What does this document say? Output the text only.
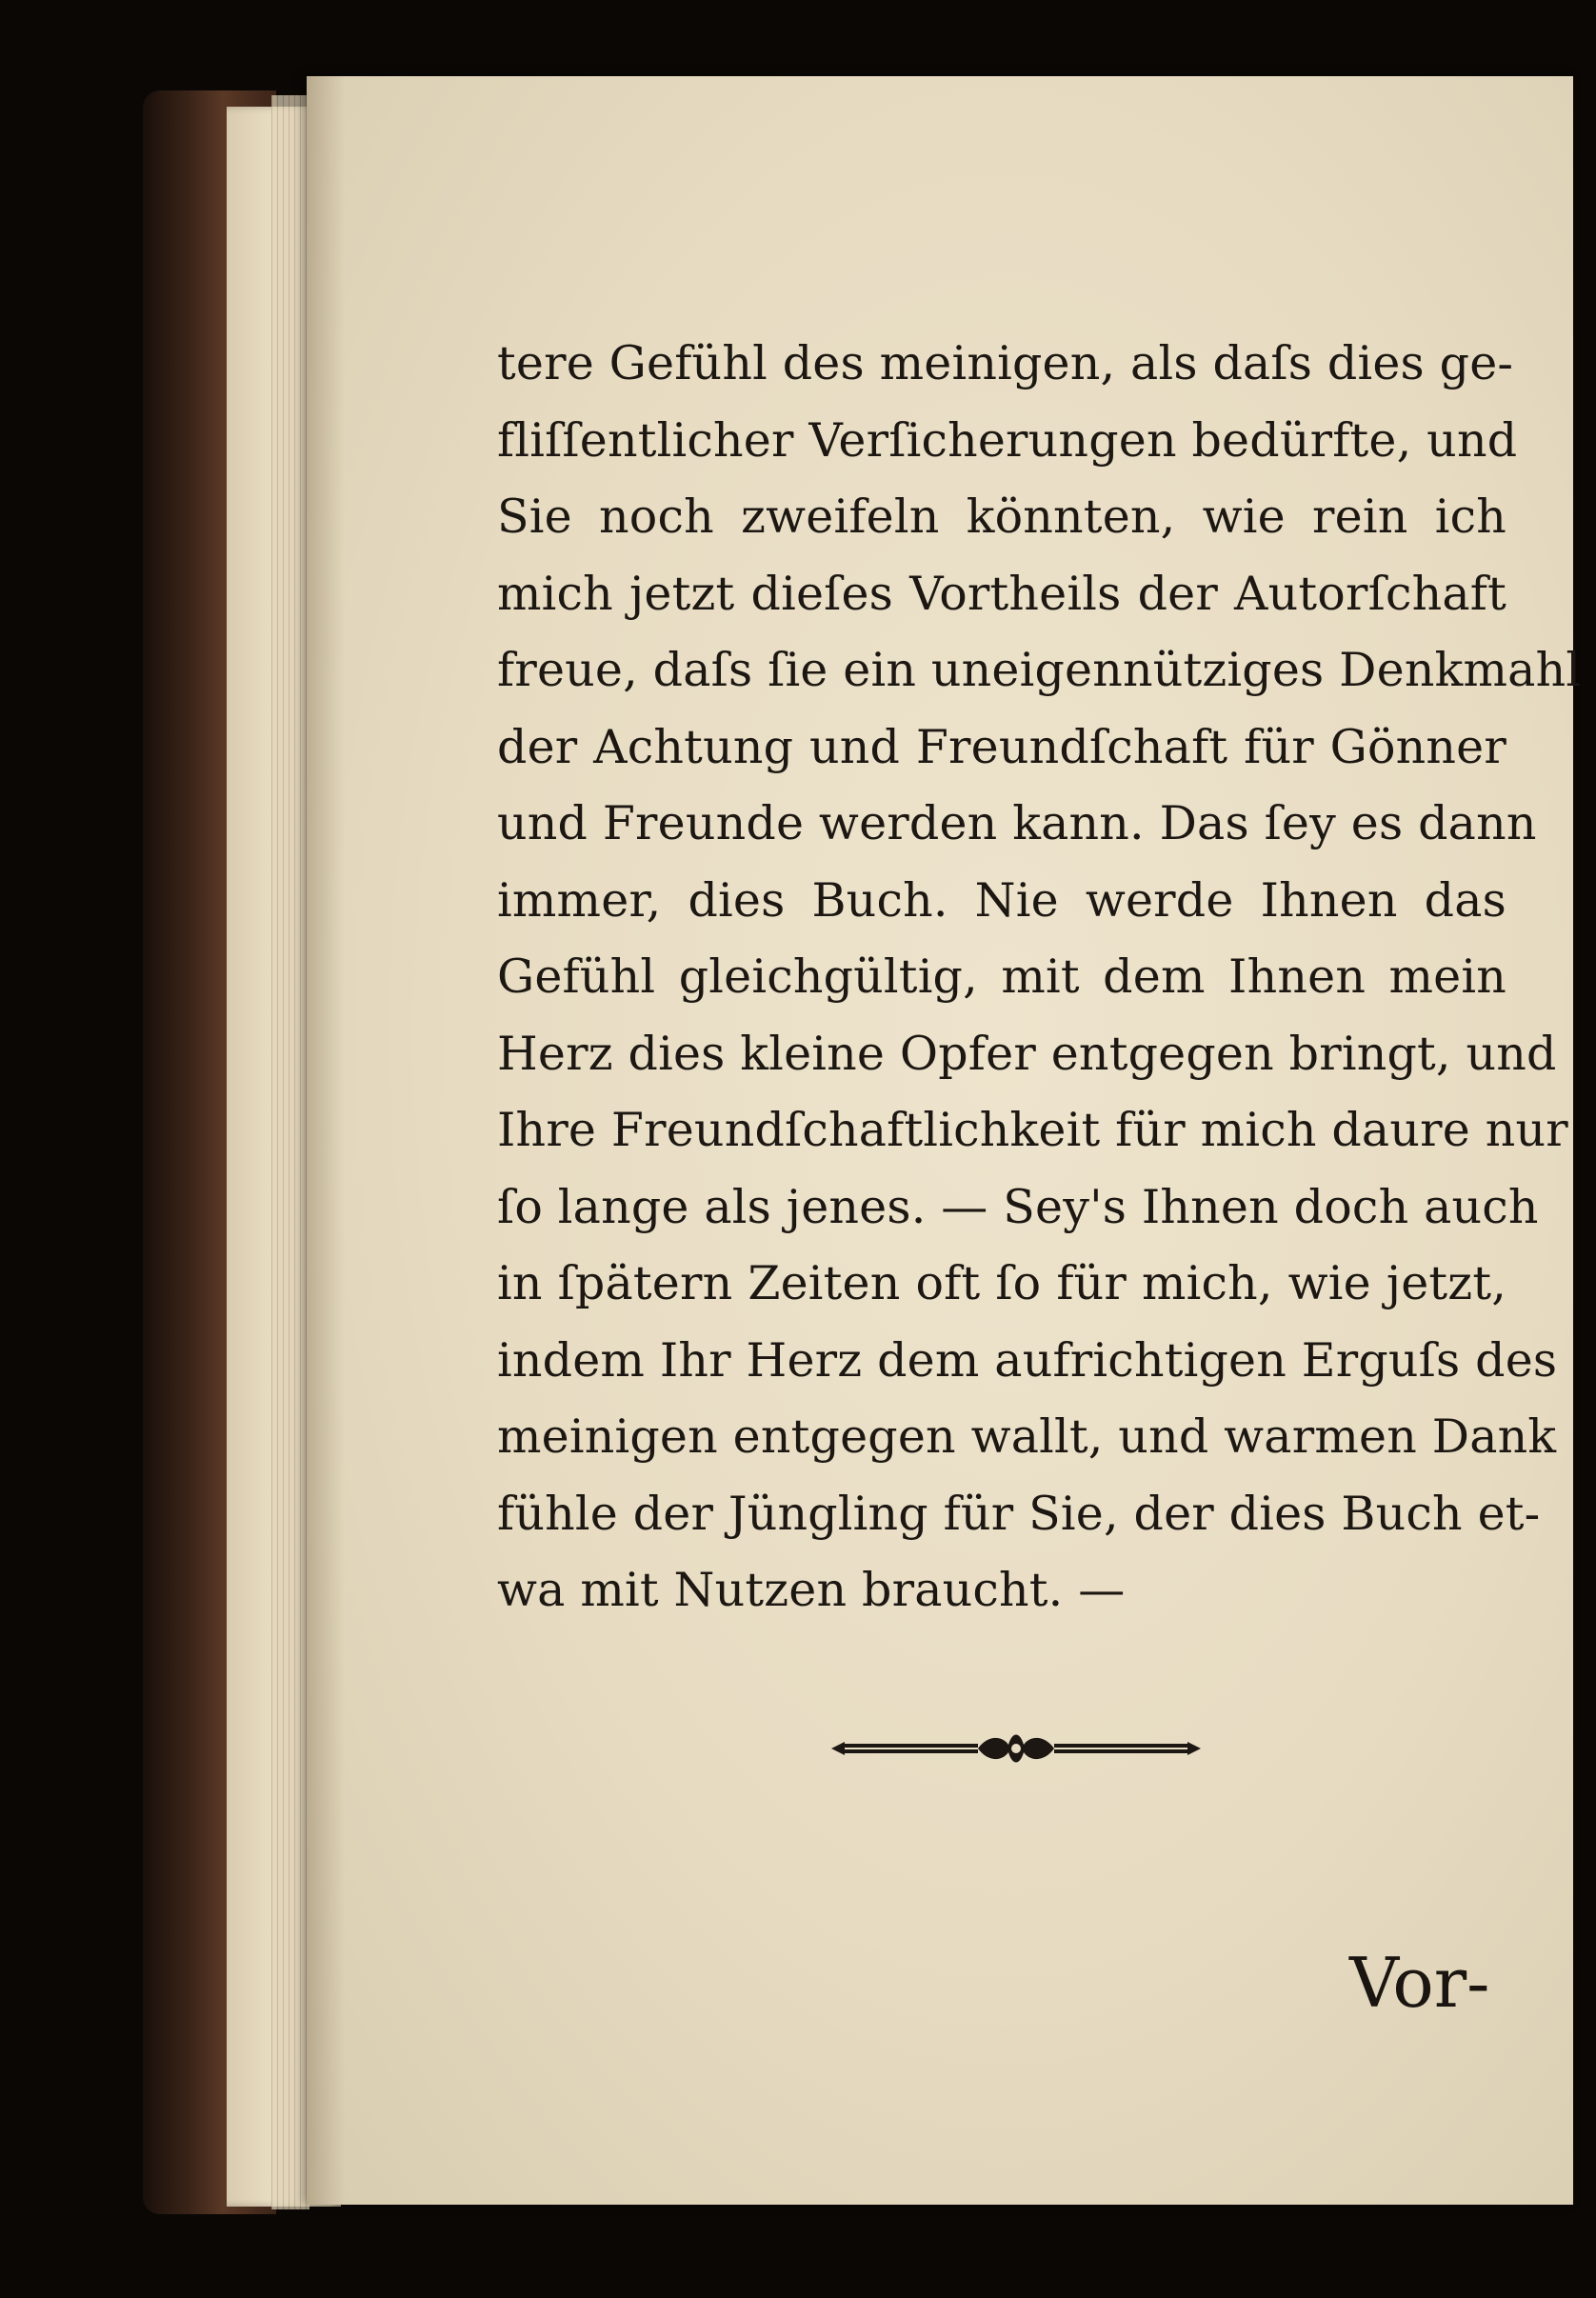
tere Gefühl des meinigen, als daſs dies ge-
fliſſentlicher Verſicherungen bedürfte, und
Sie noch zweifeln könnten, wie rein ich
mich jetzt dieſes Vortheils der Autorſchaft
freue, daſs ſie ein uneigennütziges Denkmahl
der Achtung und Freundſchaft für Gönner
und Freunde werden kann. Das ſey es dann
immer, dies Buch. Nie werde Ihnen das
Gefühl gleichgültig, mit dem Ihnen mein
Herz dies kleine Opfer entgegen bringt, und
Ihre Freundſchaftlichkeit für mich daure nur
ſo lange als jenes. — Sey's Ihnen doch auch
in ſpätern Zeiten oft ſo für mich, wie jetzt,
indem Ihr Herz dem aufrichtigen Erguſs des
meinigen entgegen wallt, und warmen Dank
fühle der Jüngling für Sie, der dies Buch et-
wa mit Nutzen braucht. —
Vor-
